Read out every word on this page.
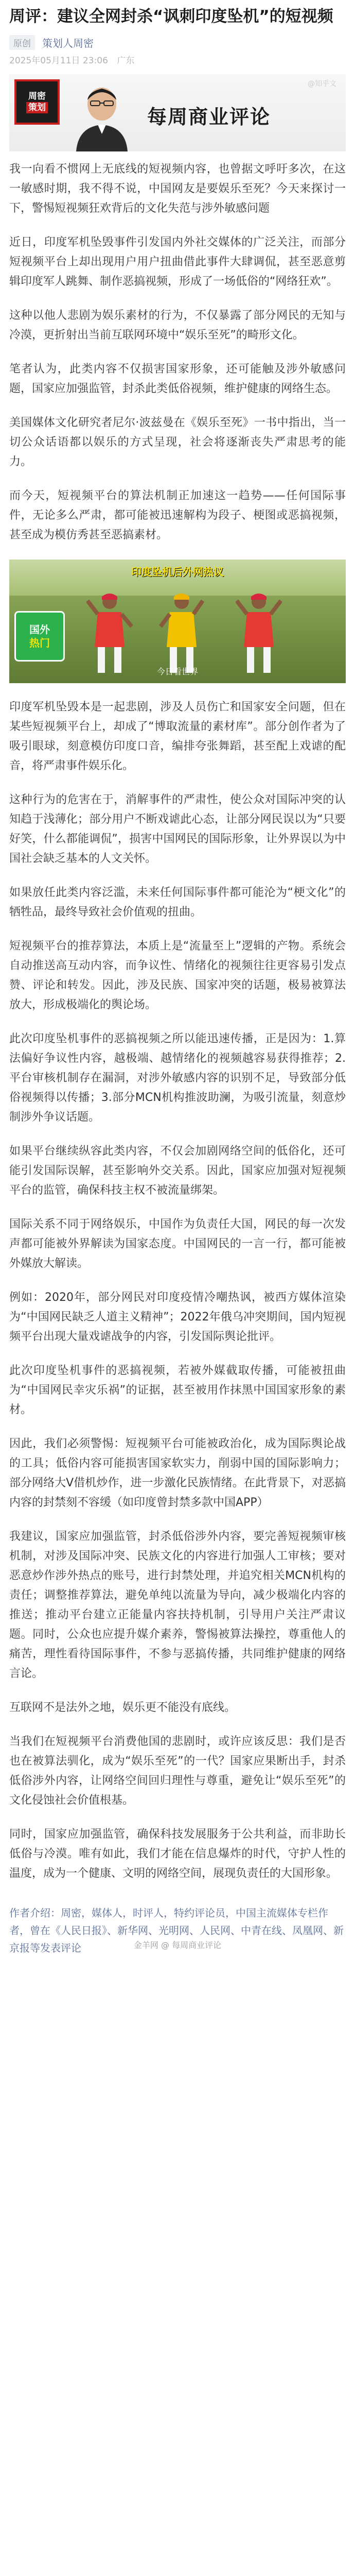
周评：建议全网封杀“讽刺印度坠机”的短视频
原创	策划人周密
2025年05月11日 23:06 广东
周密
策划	每周商业评论
@知乎文

我一向看不惯网上无底线的短视频内容，也曾据文呼吁多次，在这一敏感时期，我不得不说，中国网友是要娱乐至死？今天来探讨一下，警惕短视频狂欢背后的文化失范与涉外敏感问题

近日，印度军机坠毁事件引发国内外社交媒体的广泛关注，而部分短视频平台上却出现用户用户扭曲借此事件大肆调侃，甚至恶意剪辑印度军人跳舞、制作恶搞视频，形成了一场低俗的“网络狂欢”。

这种以他人悲剧为娱乐素材的行为，不仅暴露了部分网民的无知与冷漠，更折射出当前互联网环境中“娱乐至死”的畸形文化。

笔者认为，此类内容不仅损害国家形象，还可能触及涉外敏感问题，国家应加强监管，封杀此类低俗视频，维护健康的网络生态。

美国媒体文化研究者尼尔·波兹曼在《娱乐至死》一书中指出，当一切公众话语都以娱乐的方式呈现，社会将逐渐丧失严肃思考的能力。

而今天，短视频平台的算法机制正加速这一趋势——任何国际事件，无论多么严肃，都可能被迅速解构为段子、梗图或恶搞视频，甚至成为模仿秀甚至恶搞素材。

印度坠机后外网热议
国外
热门
今日看世界

印度军机坠毁本是一起悲剧，涉及人员伤亡和国家安全问题，但在某些短视频平台上，却成了“博取流量的素材库”。部分创作者为了吸引眼球，刻意模仿印度口音，编排夸张舞蹈，甚至配上戏谑的配音，将严肃事件娱乐化。

这种行为的危害在于，消解事件的严肃性，使公众对国际冲突的认知趋于浅薄化；部分用户不断戏谑此心态，让部分网民误以为“只要好笑，什么都能调侃”，损害中国网民的国际形象，让外界误以为中国社会缺乏基本的人文关怀。

如果放任此类内容泛滥，未来任何国际事件都可能沦为“梗文化”的牺牲品，最终导致社会价值观的扭曲。

短视频平台的推荐算法，本质上是“流量至上”逻辑的产物。系统会自动推送高互动内容，而争议性、情绪化的视频往往更容易引发点赞、评论和转发。因此，涉及民族、国家冲突的话题，极易被算法放大，形成极端化的舆论场。

此次印度坠机事件的恶搞视频之所以能迅速传播，正是因为：1.算法偏好争议性内容，越极端、越情绪化的视频越容易获得推荐；2.平台审核机制存在漏洞，对涉外敏感内容的识别不足，导致部分低俗视频得以传播；3.部分MCN机构推波助澜，为吸引流量，刻意炒制涉外争议话题。

如果平台继续纵容此类内容，不仅会加剧网络空间的低俗化，还可能引发国际误解，甚至影响外交关系。因此，国家应加强对短视频平台的监管，确保科技主权不被流量绑架。

国际关系不同于网络娱乐，中国作为负责任大国，网民的每一次发声都可能被外界解读为国家态度。中国网民的一言一行，都可能被外媒放大解读。

例如：2020年，部分网民对印度疫情冷嘲热讽，被西方媒体渲染为“中国网民缺乏人道主义精神”；2022年俄乌冲突期间，国内短视频平台出现大量戏谑战争的内容，引发国际舆论批评。

此次印度坠机事件的恶搞视频，若被外媒截取传播，可能被扭曲为“中国网民幸灾乐祸”的证据，甚至被用作抹黑中国国家形象的素材。

因此，我们必须警惕：短视频平台可能被政治化，成为国际舆论战的工具；低俗内容可能损害国家软实力，削弱中国的国际影响力；部分网络大V借机炒作，进一步激化民族情绪。在此背景下，对恶搞内容的封禁刻不容缓（如印度曾封禁多款中国APP）

我建议，国家应加强监管，封杀低俗涉外内容，要完善短视频审核机制，对涉及国际冲突、民族文化的内容进行加强人工审核；要对恶意炒作涉外热点的账号，进行封禁处理，并追究相关MCN机构的责任；调整推荐算法，避免单纯以流量为导向，减少极端化内容的推送；推动平台建立正能量内容扶持机制，引导用户关注严肃议题。同时，公众也应提升媒介素养，警惕被算法操控，尊重他人的痛苦，理性看待国际事件，不参与恶搞传播，共同维护健康的网络言论。

互联网不是法外之地，娱乐更不能没有底线。

当我们在短视频平台消费他国的悲剧时，或许应该反思：我们是否也在被算法驯化，成为“娱乐至死”的一代？国家应果断出手，封杀低俗涉外内容，让网络空间回归理性与尊重，避免让“娱乐至死”的文化侵蚀社会价值根基。

同时，国家应加强监管，确保科技发展服务于公共利益，而非助长低俗与冷漠。唯有如此，我们才能在信息爆炸的时代，守护人性的温度，成为一个健康、文明的网络空间，展现负责任的大国形象。

作者介绍：周密，媒体人，时评人，特约评论员，中国主流媒体专栏作者，曾在《人民日报》、新华网、光明网、人民网、中青在线、凤凰网、新京报等发表评论	金羊网 @ 每周商业评论
